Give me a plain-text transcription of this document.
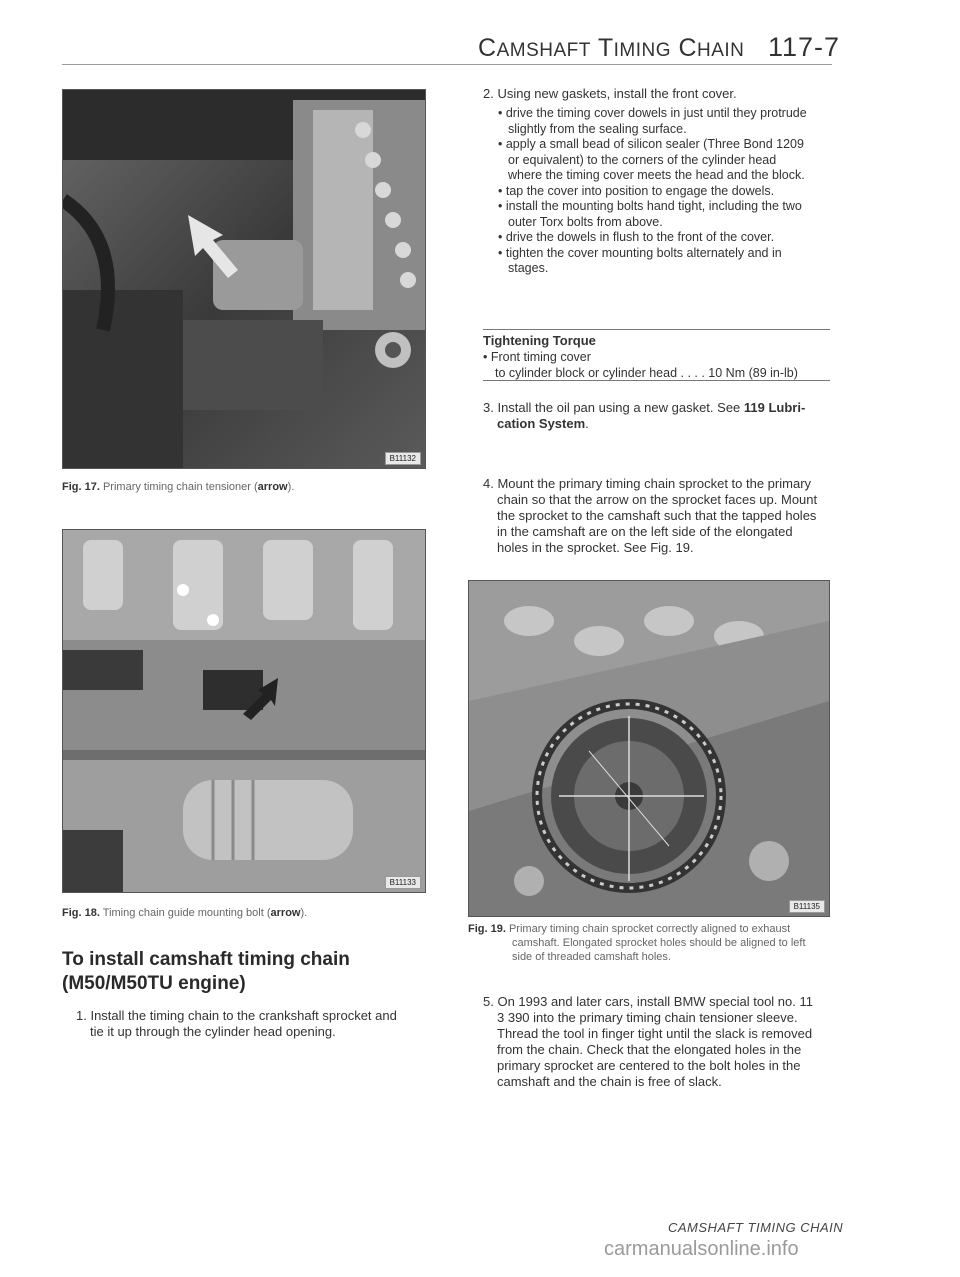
CAMSHAFT TIMING CHAIN 117-7
B11132
Fig. 17. Primary timing chain tensioner (arrow).
B11133
Fig. 18. Timing chain guide mounting bolt (arrow).
To install camshaft timing chain
(M50/M50TU engine)
1. Install the timing chain to the crankshaft sprocket and
tie it up through the cylinder head opening.
2. Using new gaskets, install the front cover.
• drive the timing cover dowels in just until they protrude
slightly from the sealing surface.
• apply a small bead of silicon sealer (Three Bond 1209
or equivalent) to the corners of the cylinder head
where the timing cover meets the head and the block.
• tap the cover into position to engage the dowels.
• install the mounting bolts hand tight, including the two
outer Torx bolts from above.
• drive the dowels in flush to the front of the cover.
• tighten the cover mounting bolts alternately and in
stages.
Tightening Torque
• Front timing cover
to cylinder block or cylinder head . . . . 10 Nm (89 in-lb)
3. Install the oil pan using a new gasket. See 119 Lubri-
cation System.
4. Mount the primary timing chain sprocket to the primary
chain so that the arrow on the sprocket faces up. Mount
the sprocket to the camshaft such that the tapped holes
in the camshaft are on the left side of the elongated
holes in the sprocket. See Fig. 19.
B11135
Fig. 19. Primary timing chain sprocket correctly aligned to exhaust
camshaft. Elongated sprocket holes should be aligned to left
side of threaded camshaft holes.
5. On 1993 and later cars, install BMW special tool no. 11
3 390 into the primary timing chain tensioner sleeve.
Thread the tool in finger tight until the slack is removed
from the chain. Check that the elongated holes in the
primary sprocket are centered to the bolt holes in the
camshaft and the chain is free of slack.
CAMSHAFT TIMING CHAIN
carmanualsonline.info
